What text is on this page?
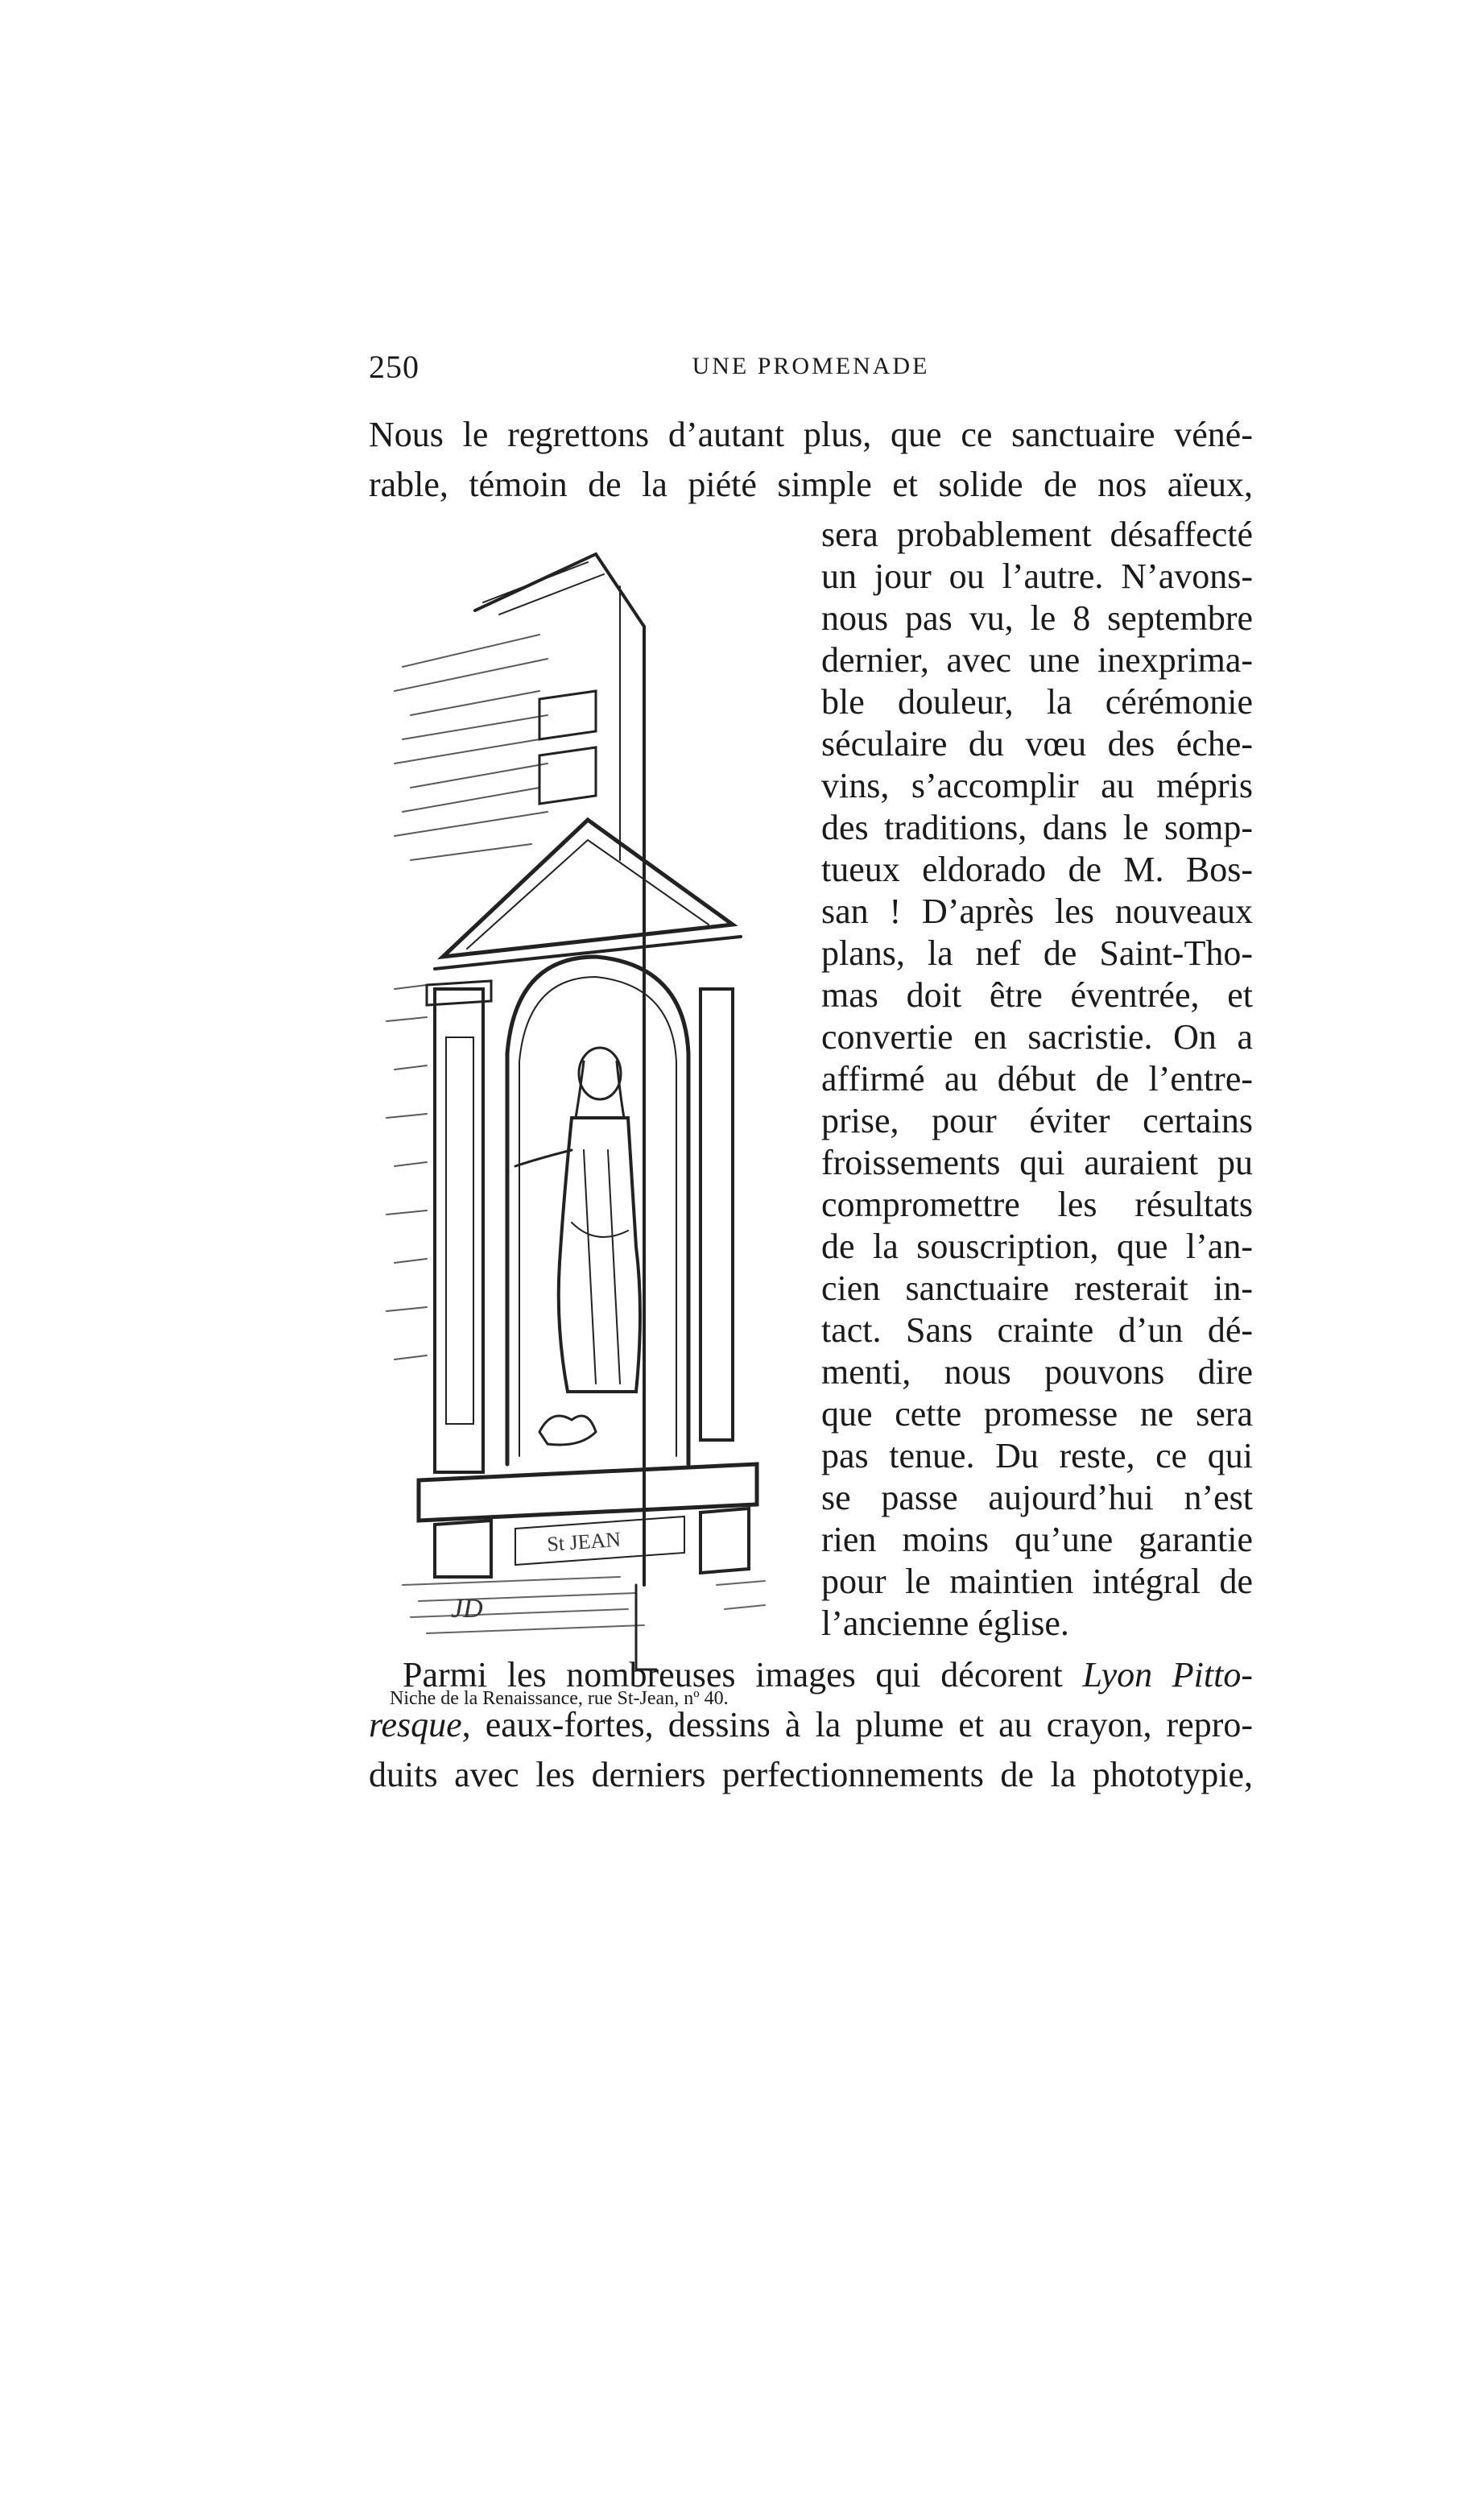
250	UNE PROMENADE
Nous le regrettons d’autant plus, que ce sanctuaire véné-
rable, témoin de la piété simple et solide de nos aïeux,
sera probablement désaffecté
un jour ou l’autre. N’avons-
nous pas vu, le 8 septembre
dernier, avec une inexprima-
ble douleur, la cérémonie
séculaire du vœu des éche-
vins, s’accomplir au mépris
des traditions, dans le somp-
tueux eldorado de M. Bos-
san ! D’après les nouveaux
plans, la nef de Saint-Tho-
mas doit être éventrée, et
convertie en sacristie. On a
affirmé au début de l’entre-
prise, pour éviter certains
froissements qui auraient pu
compromettre les résultats
de la souscription, que l’an-
cien sanctuaire resterait in-
tact. Sans crainte d’un dé-
menti, nous pouvons dire
que cette promesse ne sera
pas tenue. Du reste, ce qui
se passe aujourd’hui n’est
rien moins qu’une garantie
pour le maintien intégral de
l’ancienne église.
Parmi les nombreuses images qui décorent Lyon Pitto-
resque, eaux-fortes, dessins à la plume et au crayon, repro-
duits avec les derniers perfectionnements de la phototypie,
St JEAN
JD
Niche de la Renaissance, rue St-Jean, nº 40.
